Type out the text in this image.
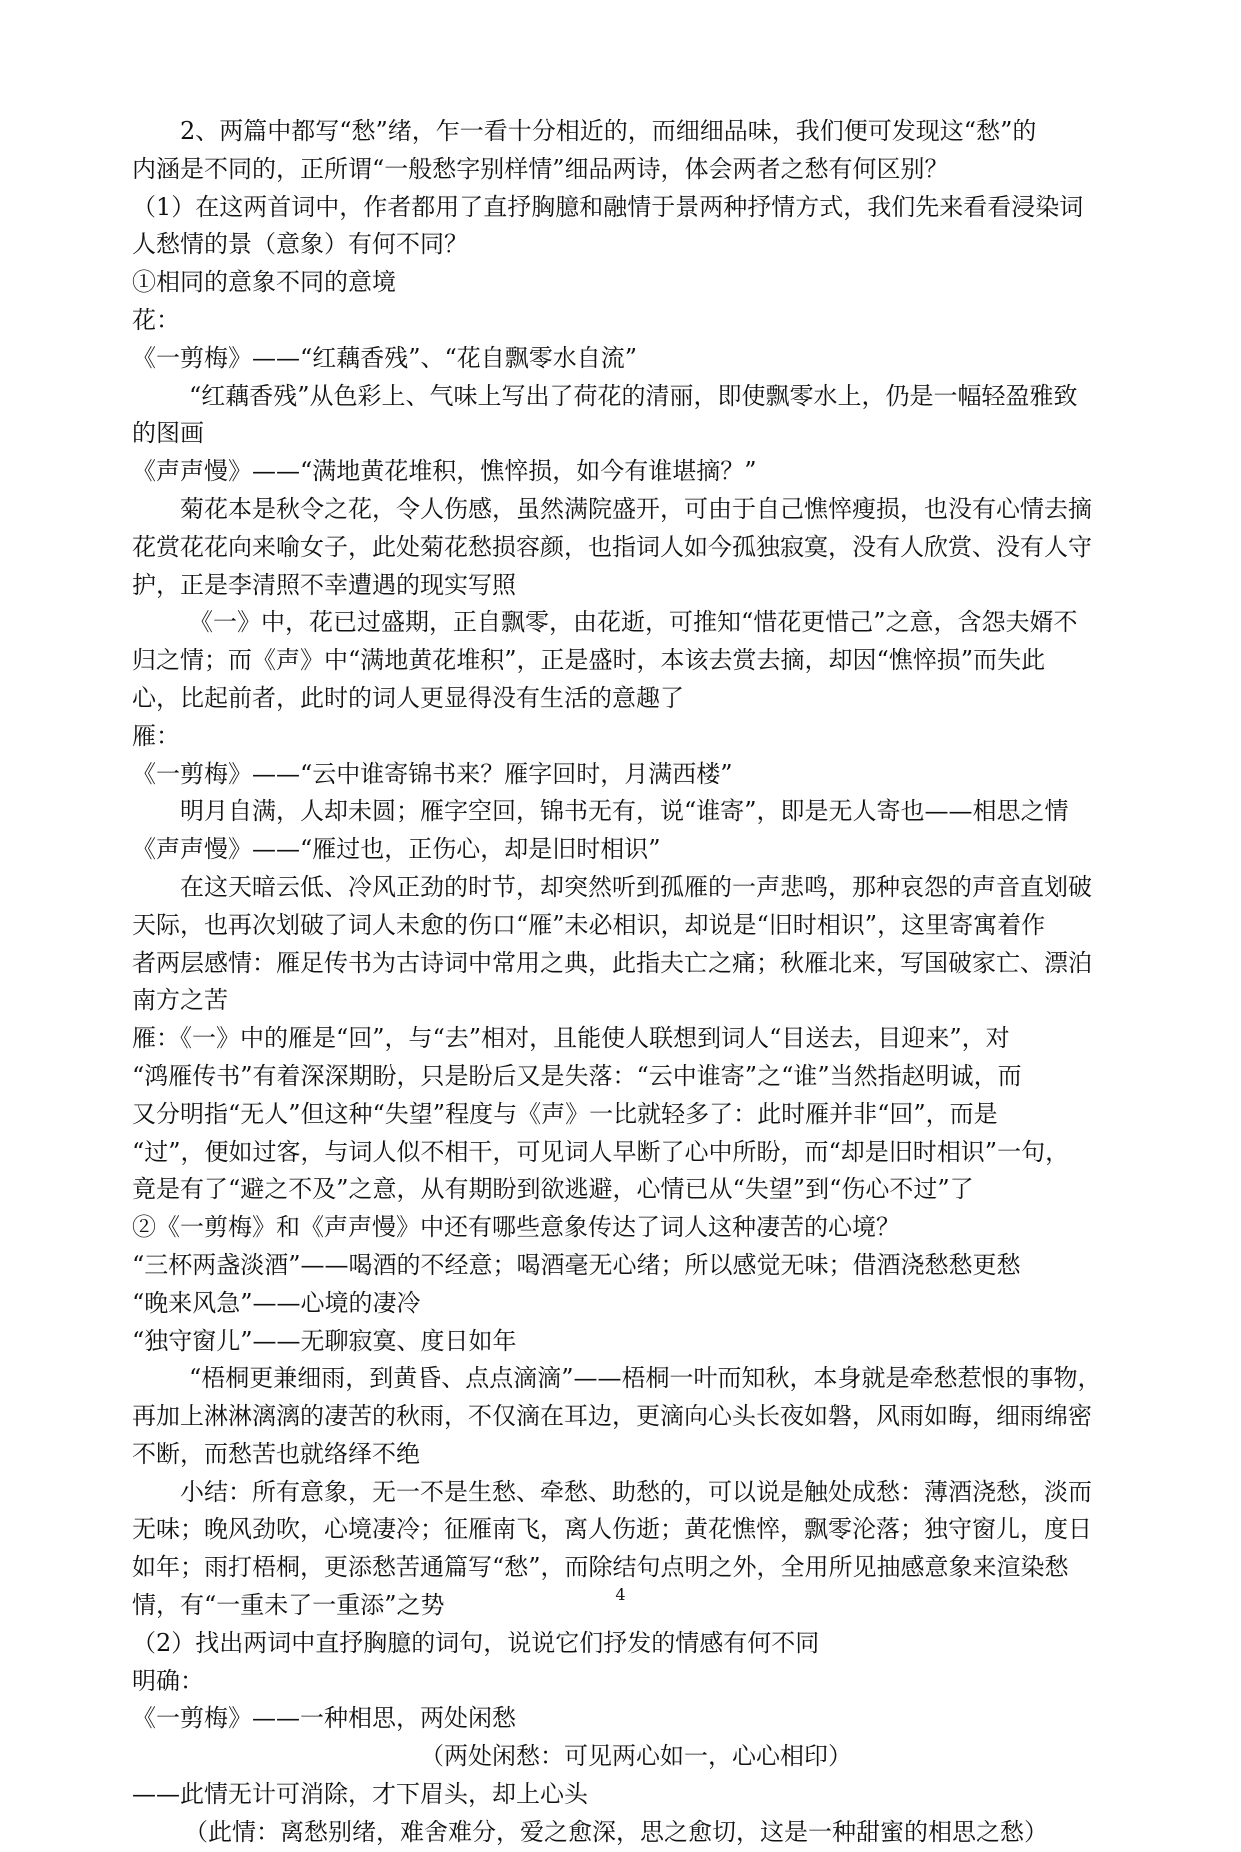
2、两篇中都写“愁”绪，乍一看十分相近的，而细细品味，我们便可发现这“愁”的
内涵是不同的，正所谓“一般愁字别样情”细品两诗，体会两者之愁有何区别？
（1）在这两首词中，作者都用了直抒胸臆和融情于景两种抒情方式，我们先来看看浸染词
人愁情的景（意象）有何不同？
①相同的意象不同的意境
花：
《一剪梅》——“红藕香残”、“花自飘零水自流”
“红藕香残”从色彩上、气味上写出了荷花的清丽，即使飘零水上，仍是一幅轻盈雅致
的图画
《声声慢》——“满地黄花堆积，憔悴损，如今有谁堪摘？”
菊花本是秋令之花，令人伤感，虽然满院盛开，可由于自己憔悴瘦损，也没有心情去摘
花赏花花向来喻女子，此处菊花愁损容颜，也指词人如今孤独寂寞，没有人欣赏、没有人守
护，正是李清照不幸遭遇的现实写照
《一》中，花已过盛期，正自飘零，由花逝，可推知“惜花更惜己”之意，含怨夫婿不
归之情；而《声》中“满地黄花堆积”，正是盛时，本该去赏去摘，却因“憔悴损”而失此
心，比起前者，此时的词人更显得没有生活的意趣了
雁：
《一剪梅》——“云中谁寄锦书来？雁字回时，月满西楼”
明月自满，人却未圆；雁字空回，锦书无有，说“谁寄”，即是无人寄也——相思之情
《声声慢》——“雁过也，正伤心，却是旧时相识”
在这天暗云低、冷风正劲的时节，却突然听到孤雁的一声悲鸣，那种哀怨的声音直划破
天际，也再次划破了词人未愈的伤口“雁”未必相识，却说是“旧时相识”，这里寄寓着作
者两层感情：雁足传书为古诗词中常用之典，此指夫亡之痛；秋雁北来，写国破家亡、漂泊
南方之苦
雁：《一》中的雁是“回”，与“去”相对，且能使人联想到词人“目送去，目迎来”，对
“鸿雁传书”有着深深期盼，只是盼后又是失落：“云中谁寄”之“谁”当然指赵明诚，而
又分明指“无人”但这种“失望”程度与《声》一比就轻多了：此时雁并非“回”，而是
“过”，便如过客，与词人似不相干，可见词人早断了心中所盼，而“却是旧时相识”一句，
竟是有了“避之不及”之意，从有期盼到欲逃避，心情已从“失望”到“伤心不过”了
②《一剪梅》和《声声慢》中还有哪些意象传达了词人这种凄苦的心境？
“三杯两盏淡酒”——喝酒的不经意；喝酒毫无心绪；所以感觉无味；借酒浇愁愁更愁
“晚来风急”——心境的凄冷
“独守窗儿”——无聊寂寞、度日如年
“梧桐更兼细雨，到黄昏、点点滴滴”——梧桐一叶而知秋，本身就是牵愁惹恨的事物，
再加上淋淋漓漓的凄苦的秋雨，不仅滴在耳边，更滴向心头长夜如磐，风雨如晦，细雨绵密
不断，而愁苦也就络绎不绝
小结：所有意象，无一不是生愁、牵愁、助愁的，可以说是触处成愁：薄酒浇愁，淡而
无味；晚风劲吹，心境凄冷；征雁南飞，离人伤逝；黄花憔悴，飘零沦落；独守窗儿，度日
如年；雨打梧桐，更添愁苦通篇写“愁”，而除结句点明之外，全用所见抽感意象来渲染愁
情，有“一重未了一重添”之势
（2）找出两词中直抒胸臆的词句，说说它们抒发的情感有何不同
明确：
《一剪梅》——一种相思，两处闲愁
（两处闲愁：可见两心如一，心心相印）
——此情无计可消除，才下眉头，却上心头
（此情：离愁别绪，难舍难分，爱之愈深，思之愈切，这是一种甜蜜的相思之愁）
4
